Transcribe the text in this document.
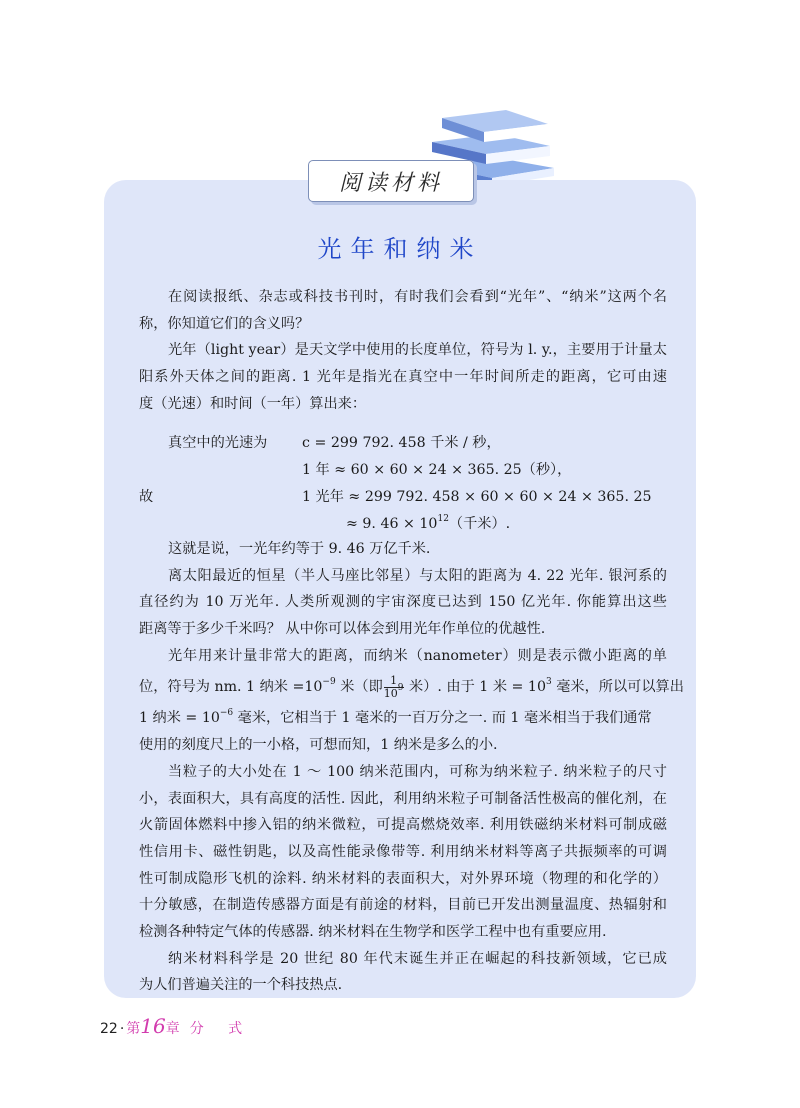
阅读材料
光年和纳米
在阅读报纸、杂志或科技书刊时，有时我们会看到“光年”、“纳米”这两个名
称，你知道它们的含义吗？
光年（light year）是天文学中使用的长度单位，符号为 l. y.，主要用于计量太
阳系外天体之间的距离. 1 光年是指光在真空中一年时间所走的距离，它可由速
度（光速）和时间（一年）算出来：
真空中的光速为 c = 299 792. 458 千米 / 秒，
1 年 ≈ 60 × 60 × 24 × 365. 25（秒），
故	1 光年 ≈ 299 792. 458 × 60 × 60 × 24 × 365. 25
≈ 9. $46 \times 10^{12}$（千米）.
这就是说，一光年约等于 9. 46 万亿千米.
离太阳最近的恒星（半人马座比邻星）与太阳的距离为 4. 22 光年. 银河系的
直径约为 10 万光年. 人类所观测的宇宙深度已达到 150 亿光年. 你能算出这些
距离等于多少千米吗？ 从中你可以体会到用光年作单位的优越性.
光年用来计量非常大的距离，而纳米（nanometer）则是表示微小距离的单
位，符号为 nm. 1 纳米 $=10^{-9}$ 米（即 $\frac{1}{10^9}$ 米）. 由于 1 米 = $10^3$ 毫米，所以可以算出
1 纳米 = $10^{-6}$ 毫米，它相当于 1 毫米的一百万分之一. 而 1 毫米相当于我们通常
使用的刻度尺上的一小格，可想而知，1 纳米是多么的小.
当粒子的大小处在 1 ～ 100 纳米范围内，可称为纳米粒子. 纳米粒子的尺寸
小，表面积大，具有高度的活性. 因此，利用纳米粒子可制备活性极高的催化剂，在
火箭固体燃料中掺入铝的纳米微粒，可提高燃烧效率. 利用铁磁纳米材料可制成磁
性信用卡、磁性钥匙，以及高性能录像带等. 利用纳米材料等离子共振频率的可调
性可制成隐形飞机的涂料. 纳米材料的表面积大，对外界环境（物理的和化学的）
十分敏感，在制造传感器方面是有前途的材料，目前已开发出测量温度、热辐射和
检测各种特定气体的传感器. 纳米材料在生物学和医学工程中也有重要应用.
纳米材料科学是 20 世纪 80 年代末诞生并正在崛起的科技新领域，它已成
为人们普遍关注的一个科技热点.
22 · 第16章 分 式
